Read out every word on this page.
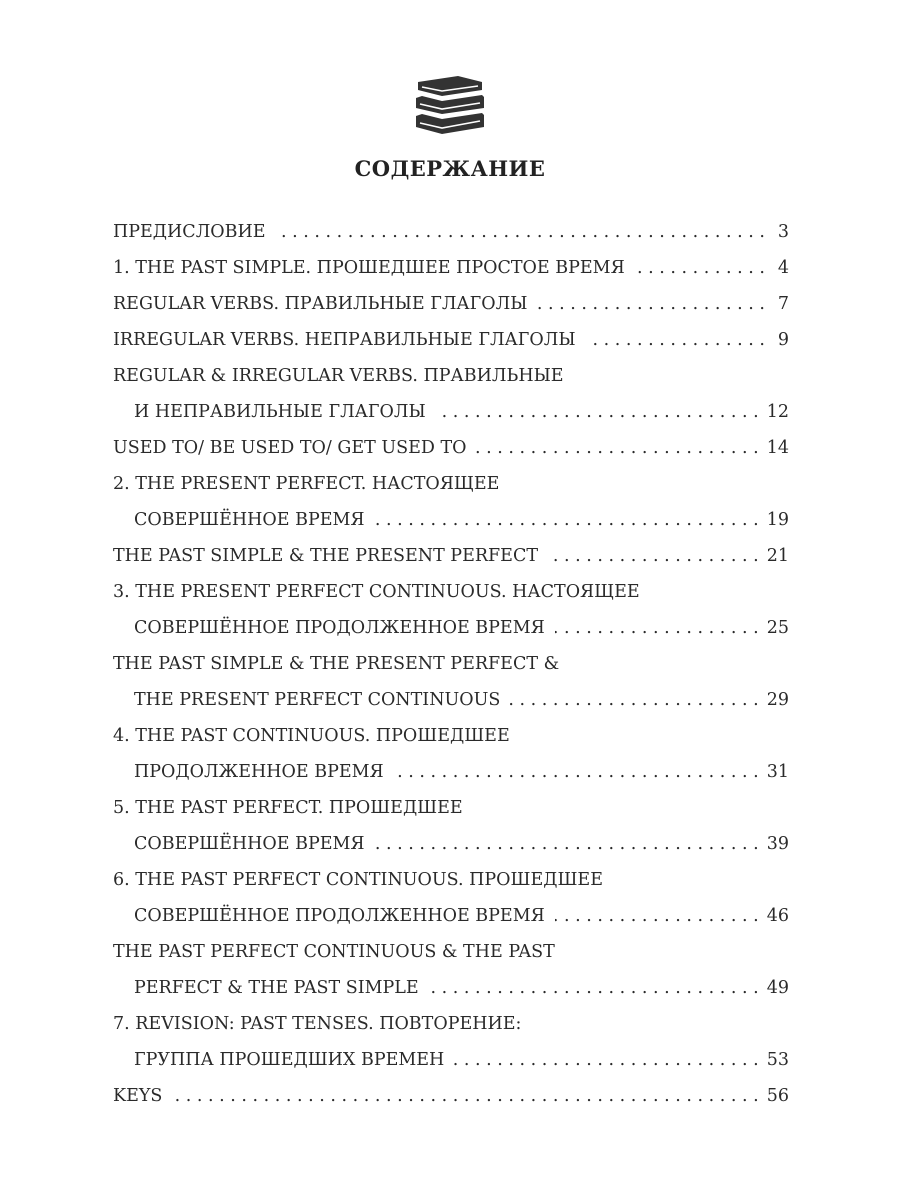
СОДЕРЖАНИЕ
ПРЕДИСЛОВИЕ . . .	3
1. THE PAST SIMPLE. ПРОШЕДШЕЕ ПРОСТОЕ ВРЕМЯ . . .	4
REGULAR VERBS. ПРАВИЛЬНЫЕ ГЛАГОЛЫ . . .	7
IRREGULAR VERBS. НЕПРАВИЛЬНЫЕ ГЛАГОЛЫ . . .	9
REGULAR & IRREGULAR VERBS. ПРАВИЛЬНЫЕ
И НЕПРАВИЛЬНЫЕ ГЛАГОЛЫ . . .	12
USED TO/ BE USED TO/ GET USED TO . . .	14
2. THE PRESENT PERFECT. НАСТОЯЩЕЕ
СОВЕРШЁННОЕ ВРЕМЯ . . .	19
THE PAST SIMPLE & THE PRESENT PERFECT . . .	21
3. THE PRESENT PERFECT CONTINUOUS. НАСТОЯЩЕЕ
СОВЕРШЁННОЕ ПРОДОЛЖЕННОЕ ВРЕМЯ . . .	25
THE PAST SIMPLE & THE PRESENT PERFECT &
THE PRESENT PERFECT CONTINUOUS . . .	29
4. THE PAST CONTINUOUS. ПРОШЕДШЕЕ
ПРОДОЛЖЕННОЕ ВРЕМЯ . . .	31
5. THE PAST PERFECT. ПРОШЕДШЕЕ
СОВЕРШЁННОЕ ВРЕМЯ . . .	39
6. THE PAST PERFECT CONTINUOUS. ПРОШЕДШЕЕ
СОВЕРШЁННОЕ ПРОДОЛЖЕННОЕ ВРЕМЯ . . .	46
THE PAST PERFECT CONTINUOUS & THE PAST
PERFECT & THE PAST SIMPLE . . .	49
7. REVISION: PAST TENSES. ПОВТОРЕНИЕ:
ГРУППА ПРОШЕДШИХ ВРЕМЕН . . .	53
KEYS . . .	56
